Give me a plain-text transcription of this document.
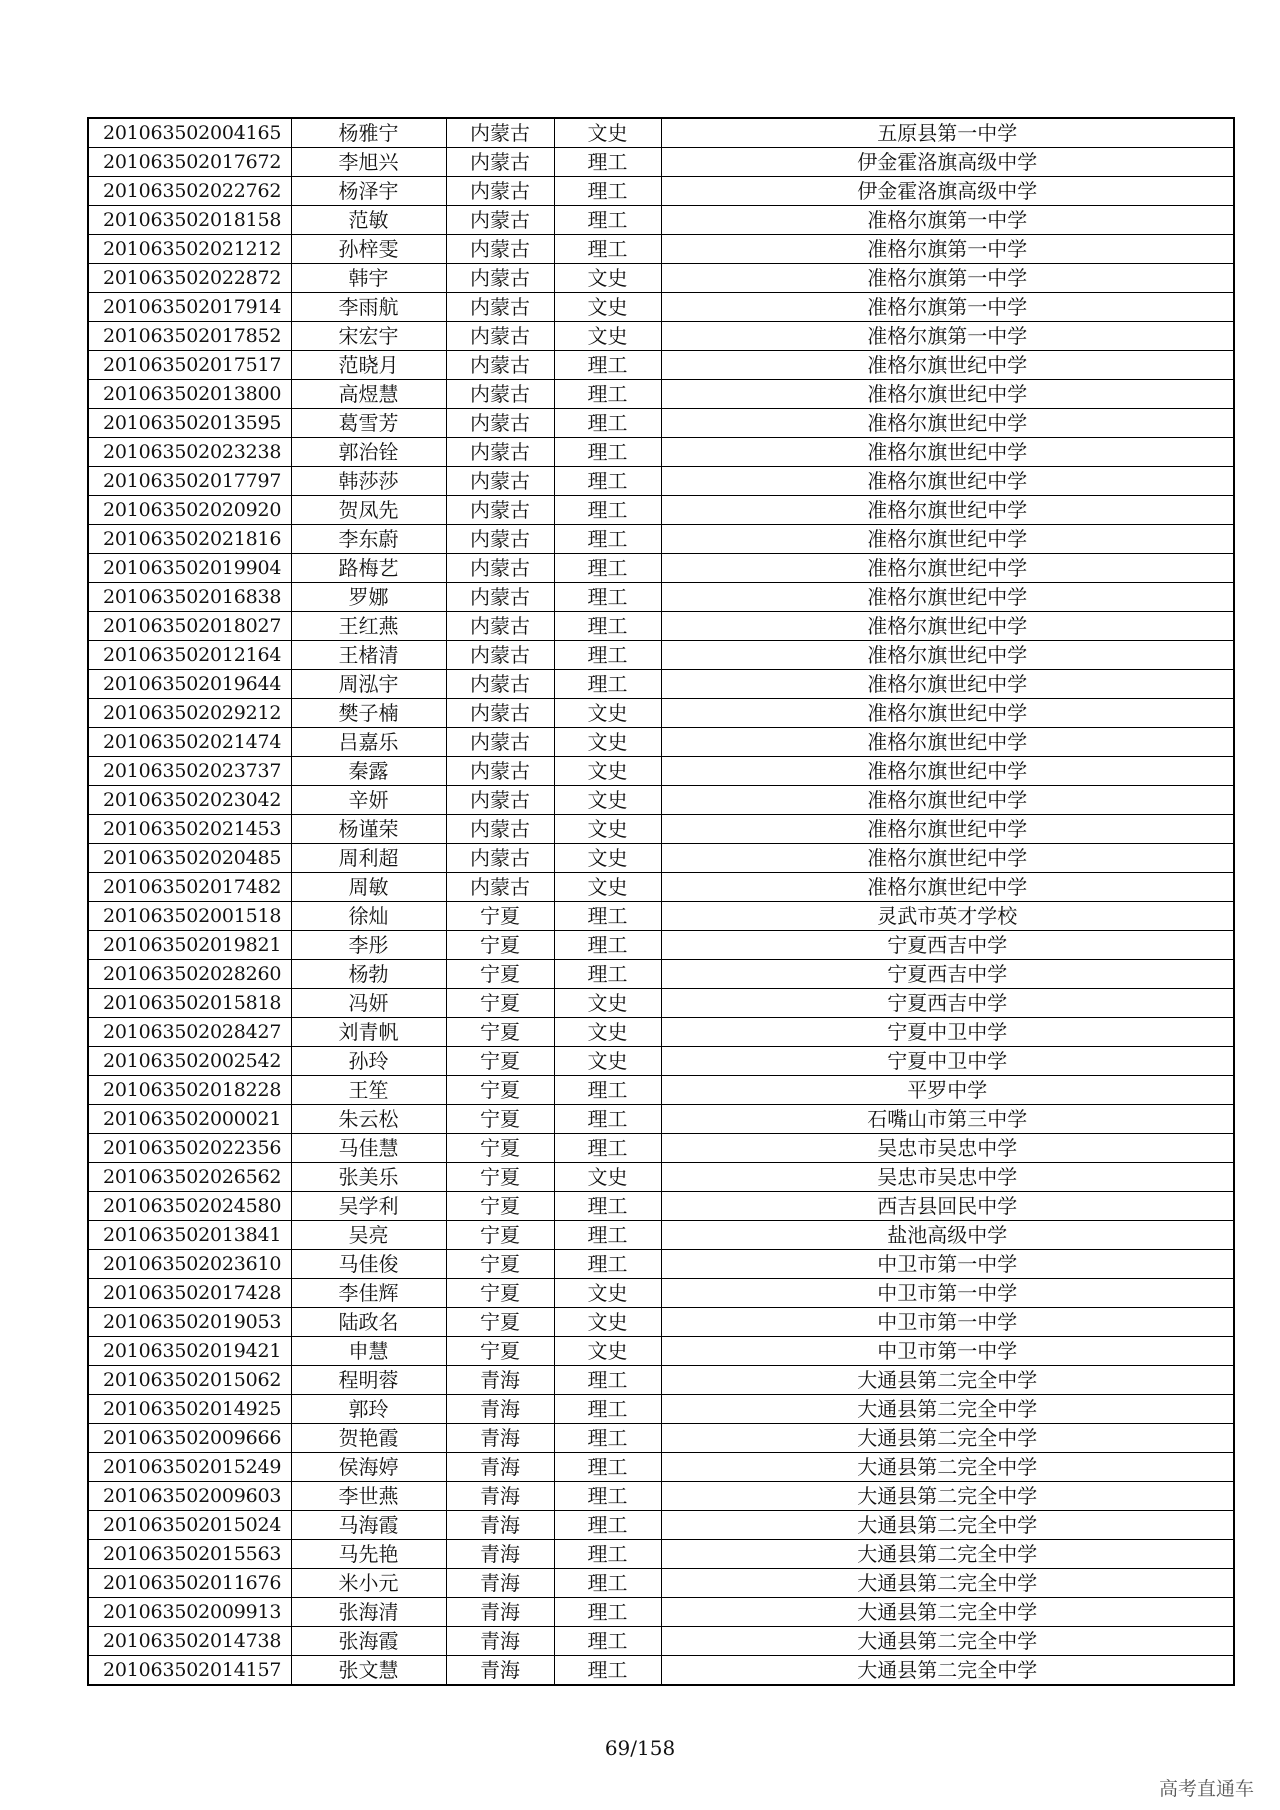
201063502004165	杨雅宁	内蒙古	文史	五原县第一中学
201063502017672	李旭兴	内蒙古	理工	伊金霍洛旗高级中学
201063502022762	杨泽宇	内蒙古	理工	伊金霍洛旗高级中学
201063502018158	范敏	内蒙古	理工	准格尔旗第一中学
201063502021212	孙梓雯	内蒙古	理工	准格尔旗第一中学
201063502022872	韩宇	内蒙古	文史	准格尔旗第一中学
201063502017914	李雨航	内蒙古	文史	准格尔旗第一中学
201063502017852	宋宏宇	内蒙古	文史	准格尔旗第一中学
201063502017517	范晓月	内蒙古	理工	准格尔旗世纪中学
201063502013800	高煜慧	内蒙古	理工	准格尔旗世纪中学
201063502013595	葛雪芳	内蒙古	理工	准格尔旗世纪中学
201063502023238	郭治铨	内蒙古	理工	准格尔旗世纪中学
201063502017797	韩莎莎	内蒙古	理工	准格尔旗世纪中学
201063502020920	贺凤先	内蒙古	理工	准格尔旗世纪中学
201063502021816	李东蔚	内蒙古	理工	准格尔旗世纪中学
201063502019904	路梅艺	内蒙古	理工	准格尔旗世纪中学
201063502016838	罗娜	内蒙古	理工	准格尔旗世纪中学
201063502018027	王红燕	内蒙古	理工	准格尔旗世纪中学
201063502012164	王楮清	内蒙古	理工	准格尔旗世纪中学
201063502019644	周泓宇	内蒙古	理工	准格尔旗世纪中学
201063502029212	樊子楠	内蒙古	文史	准格尔旗世纪中学
201063502021474	吕嘉乐	内蒙古	文史	准格尔旗世纪中学
201063502023737	秦露	内蒙古	文史	准格尔旗世纪中学
201063502023042	辛妍	内蒙古	文史	准格尔旗世纪中学
201063502021453	杨谨荣	内蒙古	文史	准格尔旗世纪中学
201063502020485	周利超	内蒙古	文史	准格尔旗世纪中学
201063502017482	周敏	内蒙古	文史	准格尔旗世纪中学
201063502001518	徐灿	宁夏	理工	灵武市英才学校
201063502019821	李彤	宁夏	理工	宁夏西吉中学
201063502028260	杨勃	宁夏	理工	宁夏西吉中学
201063502015818	冯妍	宁夏	文史	宁夏西吉中学
201063502028427	刘青帆	宁夏	文史	宁夏中卫中学
201063502002542	孙玲	宁夏	文史	宁夏中卫中学
201063502018228	王笙	宁夏	理工	平罗中学
201063502000021	朱云松	宁夏	理工	石嘴山市第三中学
201063502022356	马佳慧	宁夏	理工	吴忠市吴忠中学
201063502026562	张美乐	宁夏	文史	吴忠市吴忠中学
201063502024580	吴学利	宁夏	理工	西吉县回民中学
201063502013841	吴亮	宁夏	理工	盐池高级中学
201063502023610	马佳俊	宁夏	理工	中卫市第一中学
201063502017428	李佳辉	宁夏	文史	中卫市第一中学
201063502019053	陆政名	宁夏	文史	中卫市第一中学
201063502019421	申慧	宁夏	文史	中卫市第一中学
201063502015062	程明蓉	青海	理工	大通县第二完全中学
201063502014925	郭玲	青海	理工	大通县第二完全中学
201063502009666	贺艳霞	青海	理工	大通县第二完全中学
201063502015249	侯海婷	青海	理工	大通县第二完全中学
201063502009603	李世燕	青海	理工	大通县第二完全中学
201063502015024	马海霞	青海	理工	大通县第二完全中学
201063502015563	马先艳	青海	理工	大通县第二完全中学
201063502011676	米小元	青海	理工	大通县第二完全中学
201063502009913	张海清	青海	理工	大通县第二完全中学
201063502014738	张海霞	青海	理工	大通县第二完全中学
201063502014157	张文慧	青海	理工	大通县第二完全中学
69/158
高考直通车
